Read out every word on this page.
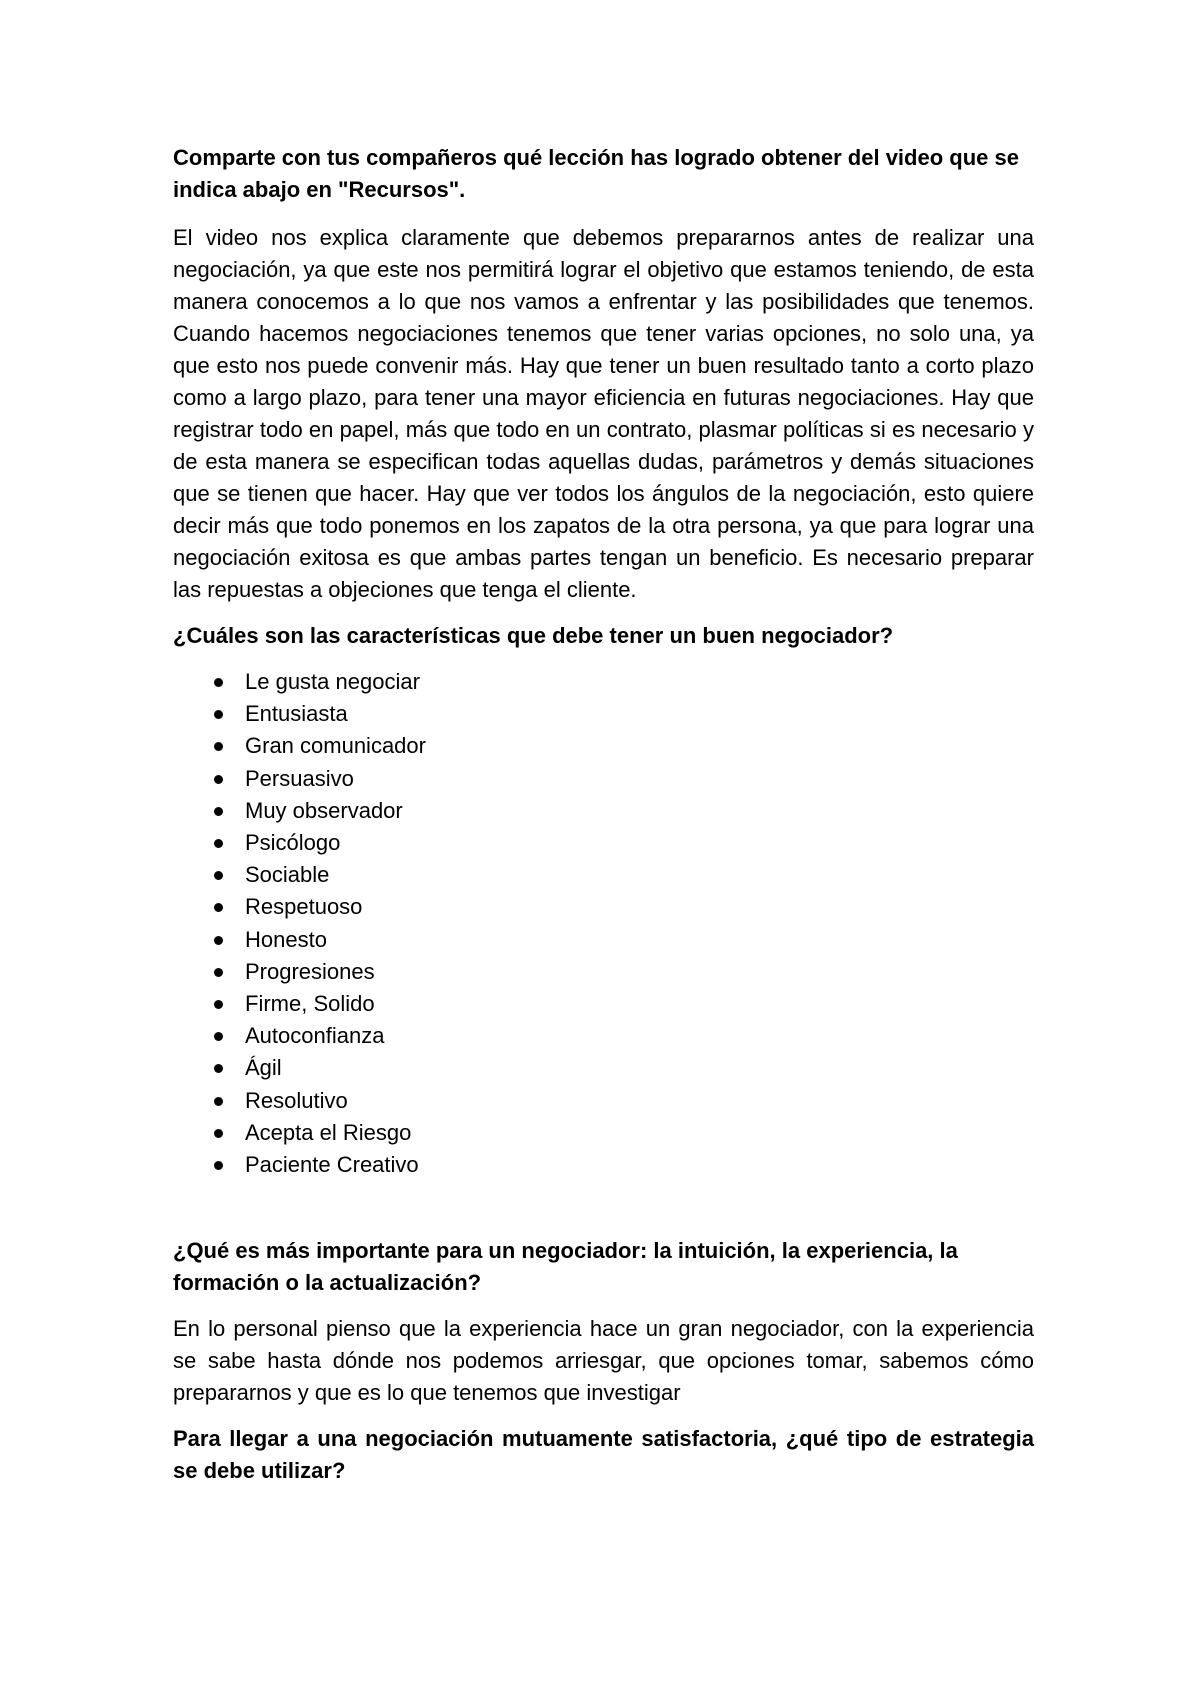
Comparte con tus compañeros qué lección has logrado obtener del video que se indica abajo en "Recursos".

El video nos explica claramente que debemos prepararnos antes de realizar una negociación, ya que este nos permitirá lograr el objetivo que estamos teniendo, de esta manera conocemos a lo que nos vamos a enfrentar y las posibilidades que tenemos. Cuando hacemos negociaciones tenemos que tener varias opciones, no solo una, ya que esto nos puede convenir más. Hay que tener un buen resultado tanto a corto plazo como a largo plazo, para tener una mayor eficiencia en futuras negociaciones. Hay que registrar todo en papel, más que todo en un contrato, plasmar políticas si es necesario y de esta manera se especifican todas aquellas dudas, parámetros y demás situaciones que se tienen que hacer. Hay que ver todos los ángulos de la negociación, esto quiere decir más que todo ponemos en los zapatos de la otra persona, ya que para lograr una negociación exitosa es que ambas partes tengan un beneficio. Es necesario preparar las repuestas a objeciones que tenga el cliente.

¿Cuáles son las características que debe tener un buen negociador?

Le gusta negociar
Entusiasta
Gran comunicador
Persuasivo
Muy observador
Psicólogo
Sociable
Respetuoso
Honesto
Progresiones
Firme, Solido
Autoconfianza
Ágil
Resolutivo
Acepta el Riesgo
Paciente Creativo

¿Qué es más importante para un negociador: la intuición, la experiencia, la formación o la actualización?

En lo personal pienso que la experiencia hace un gran negociador, con la experiencia se sabe hasta dónde nos podemos arriesgar, que opciones tomar, sabemos cómo prepararnos y que es lo que tenemos que investigar

Para llegar a una negociación mutuamente satisfactoria, ¿qué tipo de estrategia se debe utilizar?
